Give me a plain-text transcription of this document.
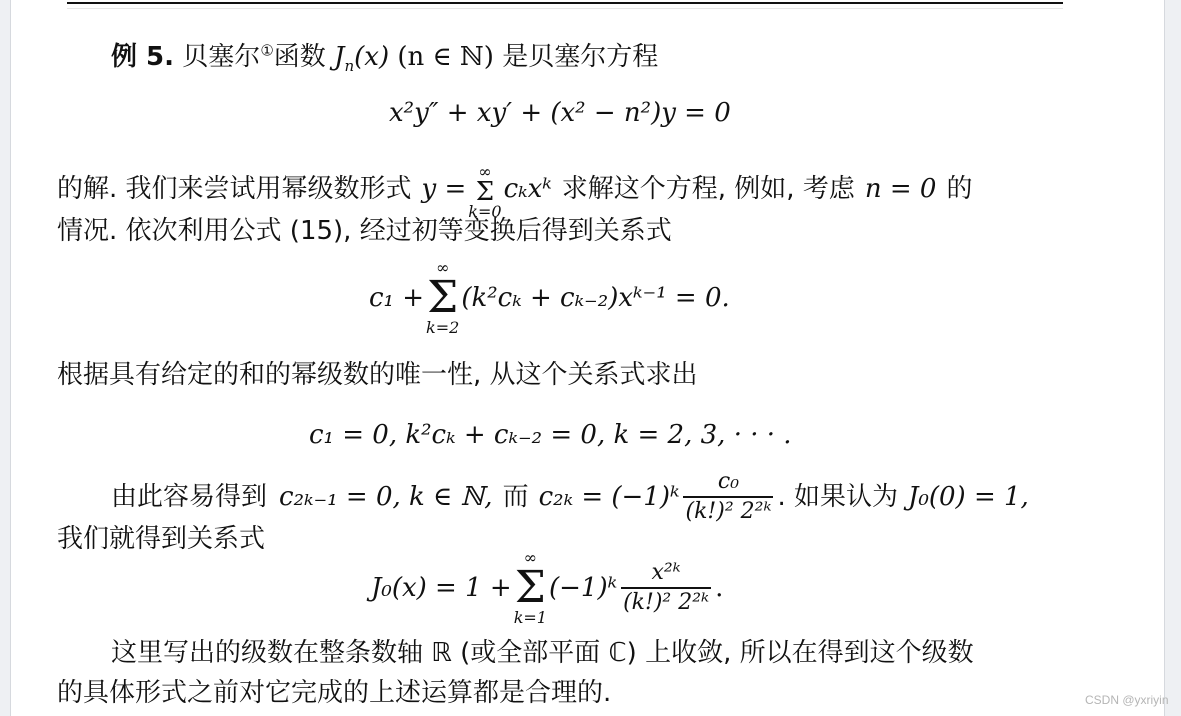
例 5. 贝塞尔①函数 $J_n(x)$ (n ∈ ℕ) 是贝塞尔方程
x²y″ + xy′ + (x² − n²)y = 0
的解. 我们来尝试用幂级数形式 y =
∞
Σ
k=0
cₖxᵏ 求解这个方程, 例如, 考虑 n = 0 的
情况. 依次利用公式 (15), 经过初等变换后得到关系式
c₁ +
∞
Σ
k=2
(k²cₖ + cₖ₋₂)xᵏ⁻¹ = 0.
根据具有给定的和的幂级数的唯一性, 从这个关系式求出
c₁ = 0, k²cₖ + cₖ₋₂ = 0, k = 2, 3, · · · .
由此容易得到 c₂ₖ₋₁ = 0, k ∈ ℕ, 而 c₂ₖ = (−1)ᵏ $\frac{\text{c₀}}{\text{(k!)² 2²ᵏ}}$ . 如果认为 J₀(0) = 1,
我们就得到关系式
J₀(x) = 1 +
∞
Σ
k=1
(−1)ᵏ $\frac{\text{x²ᵏ}}{\text{(k!)² 2²ᵏ}}$ .
这里写出的级数在整条数轴 ℝ (或全部平面 ℂ) 上收敛, 所以在得到这个级数
的具体形式之前对它完成的上述运算都是合理的.	CSDN @yxriyin
